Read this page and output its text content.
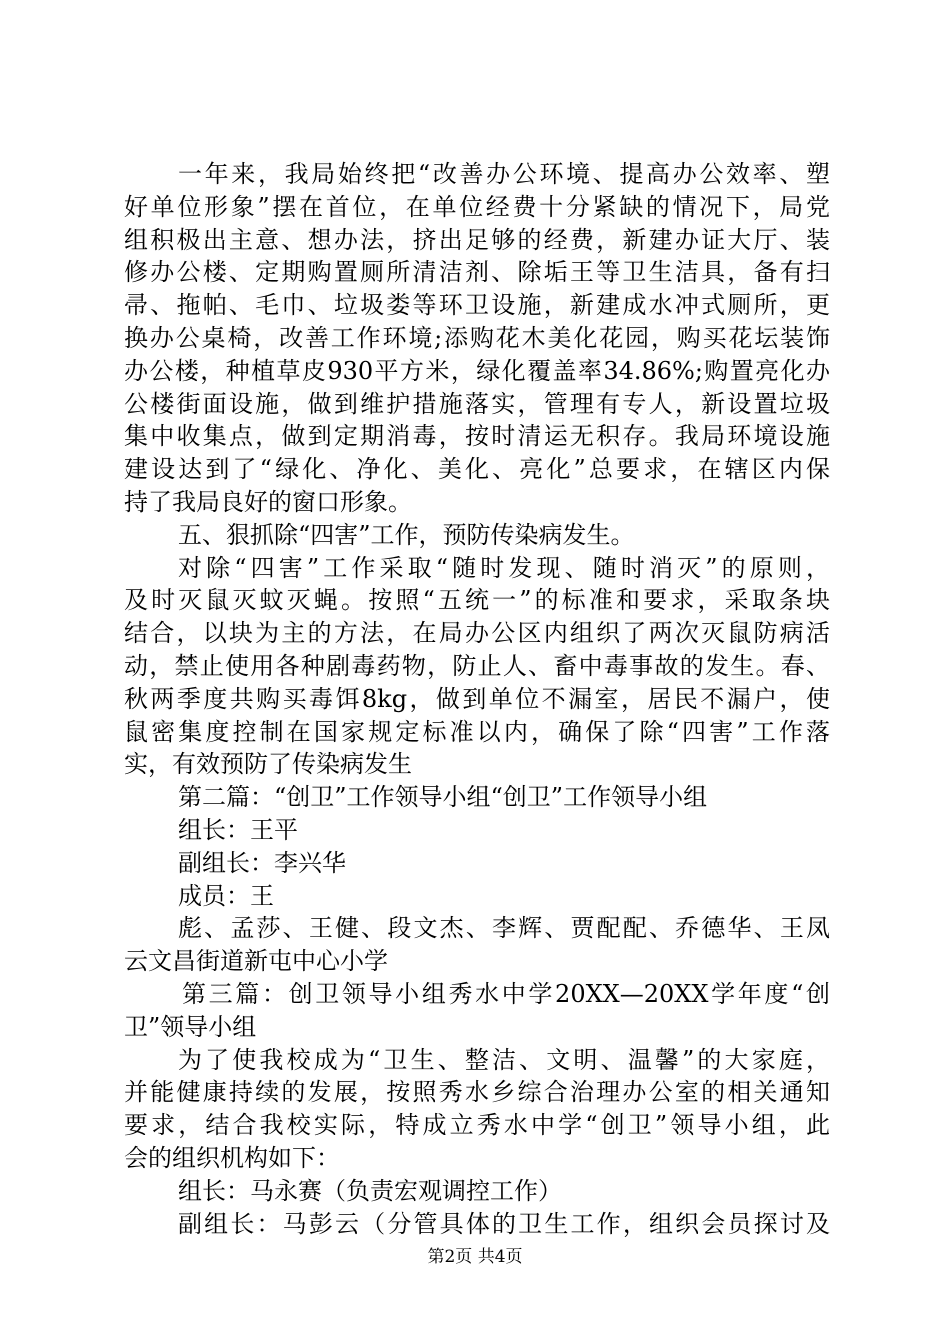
一年来，我局始终把“改善办公环境、提高办公效率、塑
好单位形象”摆在首位，在单位经费十分紧缺的情况下，局党
组积极出主意、想办法，挤出足够的经费，新建办证大厅、装
修办公楼、定期购置厕所清洁剂、除垢王等卫生洁具，备有扫
帚、拖帕、毛巾、垃圾娄等环卫设施，新建成水冲式厕所，更
换办公桌椅，改善工作环境;添购花木美化花园，购买花坛装饰
办公楼，种植草皮930平方米，绿化覆盖率34.86%;购置亮化办
公楼街面设施，做到维护措施落实，管理有专人，新设置垃圾
集中收集点，做到定期消毒，按时清运无积存。我局环境设施
建设达到了“绿化、净化、美化、亮化”总要求，在辖区内保
持了我局良好的窗口形象。
五、狠抓除“四害”工作，预防传染病发生。
对除“四害”工作采取“随时发现、随时消灭”的原则，
及时灭鼠灭蚊灭蝇。按照“五统一”的标准和要求，采取条块
结合，以块为主的方法，在局办公区内组织了两次灭鼠防病活
动，禁止使用各种剧毒药物，防止人、畜中毒事故的发生。春、
秋两季度共购买毒饵8kg，做到单位不漏室，居民不漏户，使
鼠密集度控制在国家规定标准以内，确保了除“四害”工作落
实，有效预防了传染病发生
第二篇：“创卫”工作领导小组“创卫”工作领导小组
组长：王平
副组长：李兴华
成员：王
彪、孟莎、王健、段文杰、李辉、贾配配、乔德华、王凤
云文昌街道新屯中心小学
第三篇：创卫领导小组秀水中学20XX—20XX学年度“创
卫”领导小组
为了使我校成为“卫生、整洁、文明、温馨”的大家庭，
并能健康持续的发展，按照秀水乡综合治理办公室的相关通知
要求，结合我校实际，特成立秀水中学“创卫”领导小组，此
会的组织机构如下：
组长：马永赛（负责宏观调控工作）
副组长：马彭云（分管具体的卫生工作，组织会员探讨及
第2页 共4页
